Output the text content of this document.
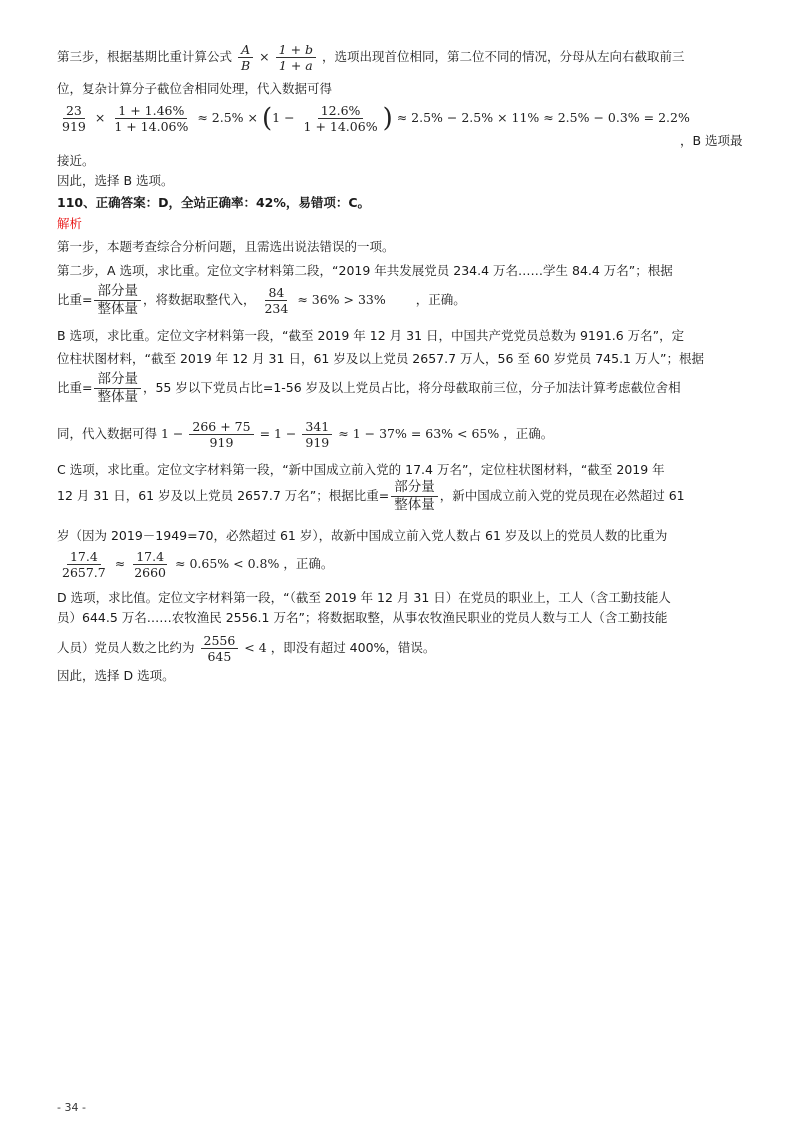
第三步，根据基期比重计算公式 $\frac{A}{B} \times \frac{1 + b}{1 + a}$ ，选项出现首位相同，第二位不同的情况，分母从左向右截取前三
位，复杂计算分子截位舍相同处理，代入数据可得
$\frac{23}{919} \times \frac{1 + 1.46\%}{1 + 14.06\%} \approx 2.5\% \times (1 - \frac{12.6\%}{1 + 14.06\%}$ ) ≈ 2.5% − 2.5% × 11% ≈ 2.5% − 0.3% = 2.2%
，B 选项最
接近。
因此，选择 B 选项。
110、正确答案：D，全站正确率：42%，易错项：C。
解析
第一步，本题考查综合分析问题，且需选出说法错误的一项。
第二步，A 选项，求比重。定位文字材料第二段，“2019 年共发展党员 234.4 万名……学生 84.4 万名”；根据
比重= $\frac{\text{部分量}}{\text{整体量}}$ ，将数据取整代入， $\frac{84}{234} \approx 36\% > 33\%$ ，正确。
B 选项，求比重。定位文字材料第一段，“截至 2019 年 12 月 31 日，中国共产党党员总数为 9191.6 万名”，定
位柱状图材料，“截至 2019 年 12 月 31 日，61 岁及以上党员 2657.7 万人，56 至 60 岁党员 745.1 万人”；根据
比重= $\frac{\text{部分量}}{\text{整体量}}$ ，55 岁以下党员占比=1-56 岁及以上党员占比，将分母截取前三位，分子加法计算考虑截位舍相
同，代入数据可得 $1 - \frac{266 + 75}{919} = 1 - \frac{341}{919} \approx 1 - 37\% = 63\% < 65\%$ ，正确。
C 选项，求比重。定位文字材料第一段，“新中国成立前入党的 17.4 万名”，定位柱状图材料，“截至 2019 年
12 月 31 日，61 岁及以上党员 2657.7 万名”；根据比重= $\frac{\text{部分量}}{\text{整体量}}$ ，新中国成立前入党的党员现在必然超过 61
岁（因为 2019－1949=70，必然超过 61 岁），故新中国成立前入党人数占 61 岁及以上的党员人数的比重为
$\frac{17.4}{2657.7} \approx \frac{17.4}{2660} \approx 0.65\% < 0.8\%$ ，正确。
D 选项，求比值。定位文字材料第一段，“（截至 2019 年 12 月 31 日）在党员的职业上，工人（含工勤技能人
员）644.5 万名……农牧渔民 2556.1 万名”；将数据取整，从事农牧渔民职业的党员人数与工人（含工勤技能
人员）党员人数之比约为 $\frac{2556}{645} < 4$ ，即没有超过 400%，错误。
因此，选择 D 选项。
- 34 -
